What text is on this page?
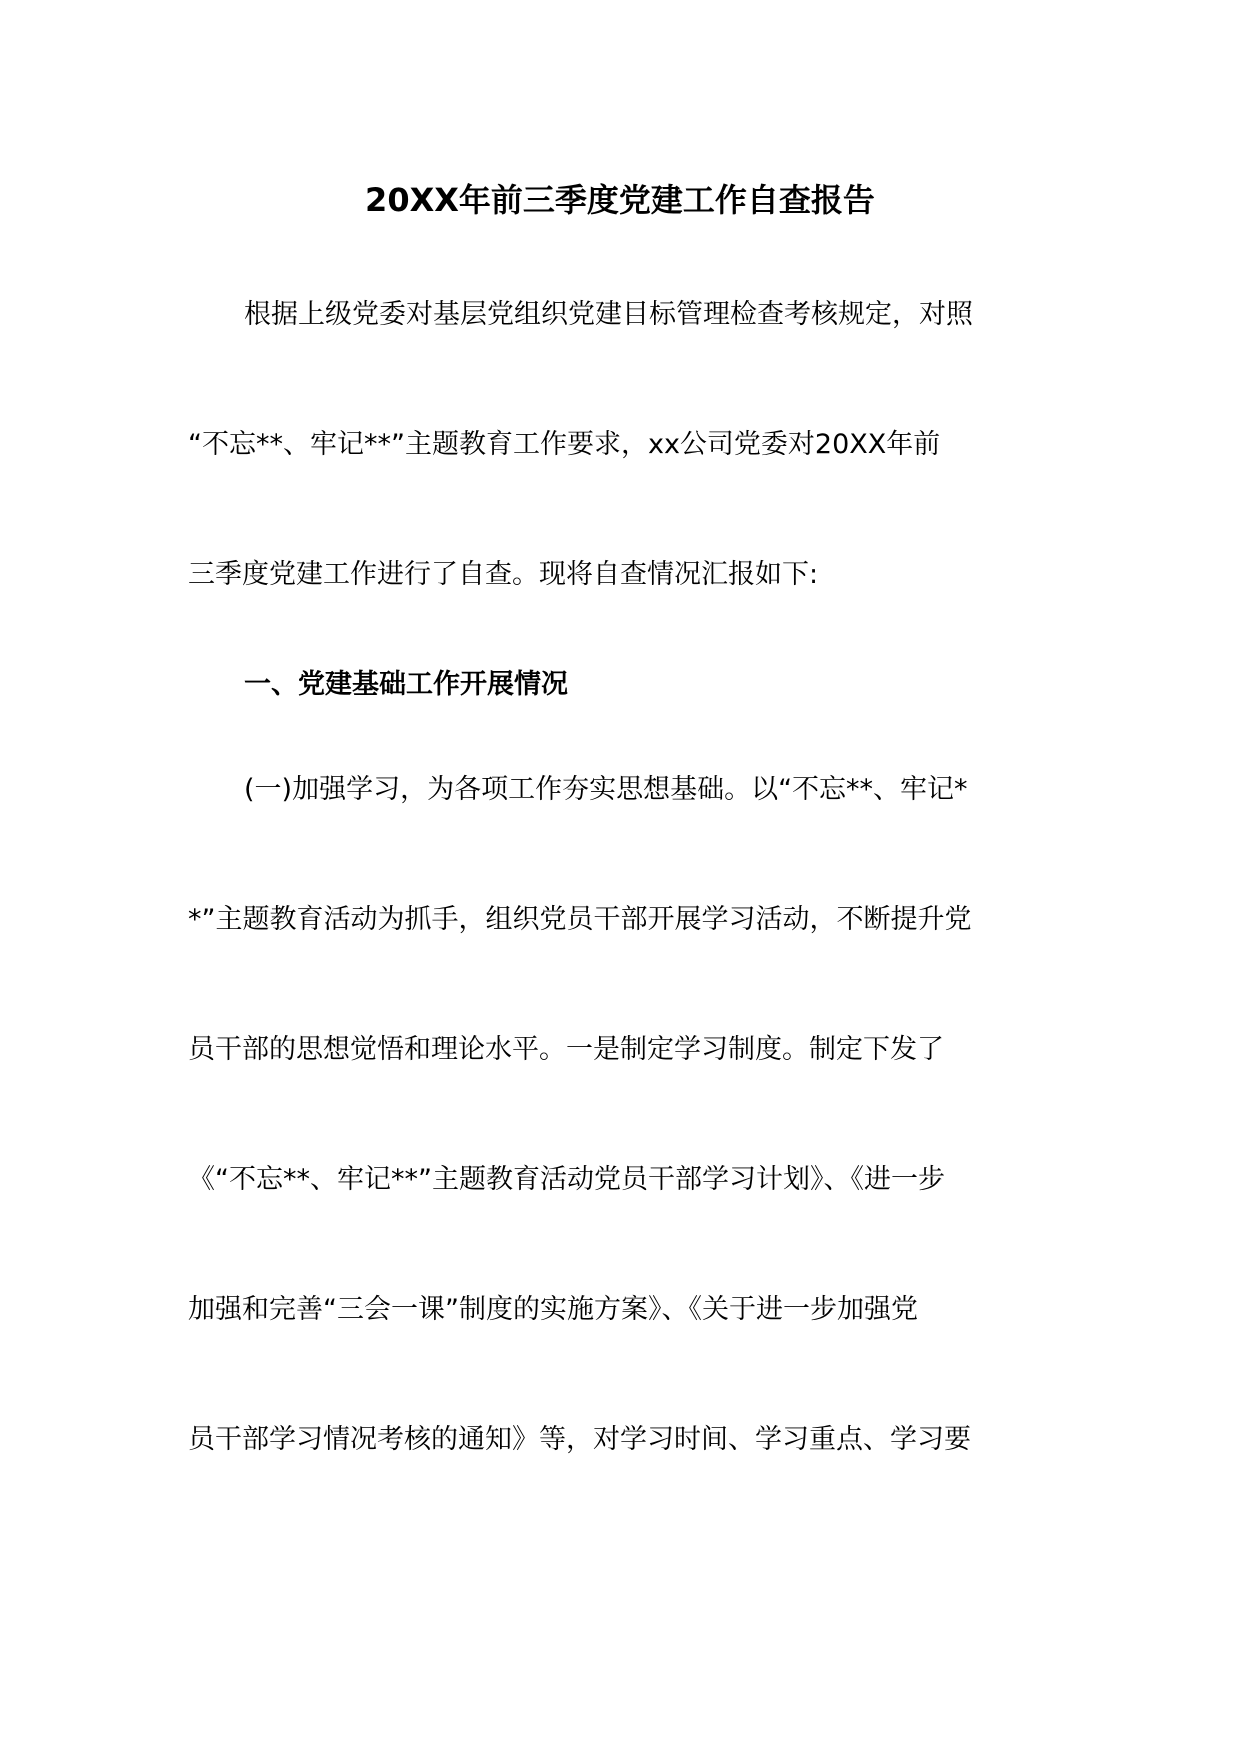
20XX年前三季度党建工作自查报告
根据上级党委对基层党组织党建目标管理检查考核规定，对照
“不忘**、牢记**”主题教育工作要求，xx公司党委对20XX年前
三季度党建工作进行了自查。现将自查情况汇报如下:
一、党建基础工作开展情况
(一)加强学习，为各项工作夯实思想基础。以“不忘**、牢记*
*”主题教育活动为抓手，组织党员干部开展学习活动，不断提升党
员干部的思想觉悟和理论水平。一是制定学习制度。制定下发了
《“不忘**、牢记**”主题教育活动党员干部学习计划》、《进一步
加强和完善“三会一课”制度的实施方案》、《关于进一步加强党
员干部学习情况考核的通知》等，对学习时间、学习重点、学习要
